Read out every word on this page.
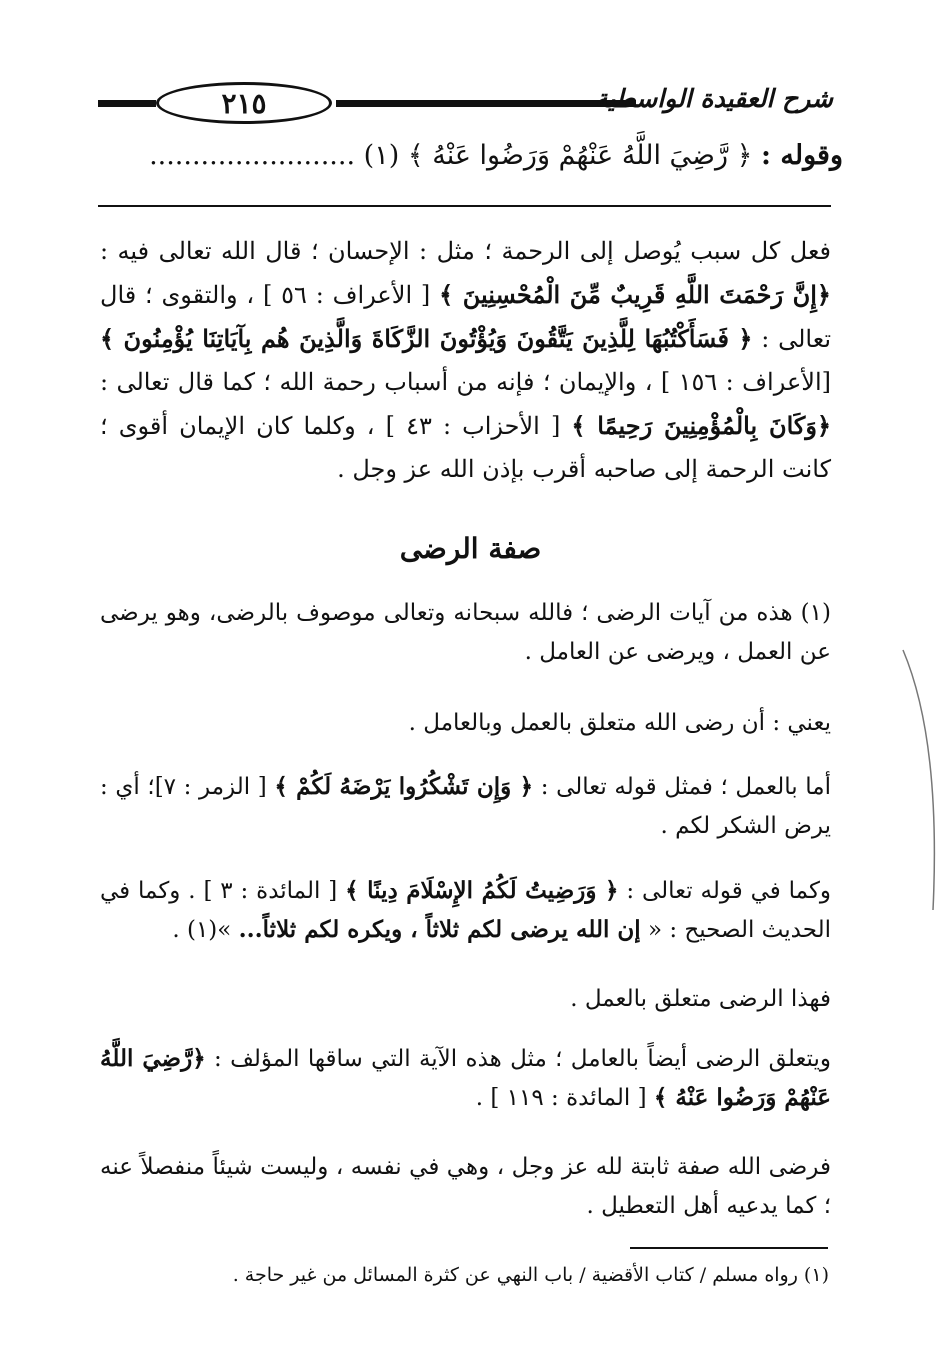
٢١٥	شرح العقيدة الواسطية
وقوله : ﴿ رَّضِيَ اللَّهُ عَنْهُمْ وَرَضُوا عَنْهُ ﴾ (١) ........................

فعل كل سبب يُوصل إلى الرحمة ؛ مثل : الإحسان ؛ قال الله تعالى فيه : ﴿إِنَّ رَحْمَتَ اللَّهِ قَرِيبٌ مِّنَ الْمُحْسِنِينَ ﴾ [ الأعراف : ٥٦ ] ، والتقوى ؛ قال تعالى : ﴿ فَسَأَكْتُبُهَا لِلَّذِينَ يَتَّقُونَ وَيُؤْتُونَ الزَّكَاةَ وَالَّذِينَ هُم بِآيَاتِنَا يُؤْمِنُونَ ﴾ [الأعراف : ١٥٦ ] ، والإيمان ؛ فإنه من أسباب رحمة الله ؛ كما قال تعالى : ﴿وَكَانَ بِالْمُؤْمِنِينَ رَحِيمًا ﴾ [ الأحزاب : ٤٣ ] ، وكلما كان الإيمان أقوى ؛ كانت الرحمة إلى صاحبه أقرب بإذن الله عز وجل .

صفة الرضى

(١) هذه من آيات الرضى ؛ فالله سبحانه وتعالى موصوف بالرضى، وهو يرضى عن العمل ، ويرضى عن العامل .

يعني : أن رضى الله متعلق بالعمل وبالعامل .

أما بالعمل ؛ فمثل قوله تعالى : ﴿ وَإِن تَشْكُرُوا يَرْضَهُ لَكُمْ ﴾ [ الزمر : ٧]؛ أي : يرض الشكر لكم .

وكما في قوله تعالى : ﴿ وَرَضِيتُ لَكُمُ الإِسْلَامَ دِينًا ﴾ [ المائدة : ٣ ] . وكما في الحديث الصحيح : « إن الله يرضى لكم ثلاثاً ، ويكره لكم ثلاثاً... »(١) .

فهذا الرضى متعلق بالعمل .

ويتعلق الرضى أيضاً بالعامل ؛ مثل هذه الآية التي ساقها المؤلف : ﴿رَّضِيَ اللَّهُ عَنْهُمْ وَرَضُوا عَنْهُ ﴾ [ المائدة : ١١٩ ] .

فرضى الله صفة ثابتة لله عز وجل ، وهي في نفسه ، وليست شيئاً منفصلاً عنه ؛ كما يدعيه أهل التعطيل .

(١) رواه مسلم / كتاب الأقضية / باب النهي عن كثرة المسائل من غير حاجة .
